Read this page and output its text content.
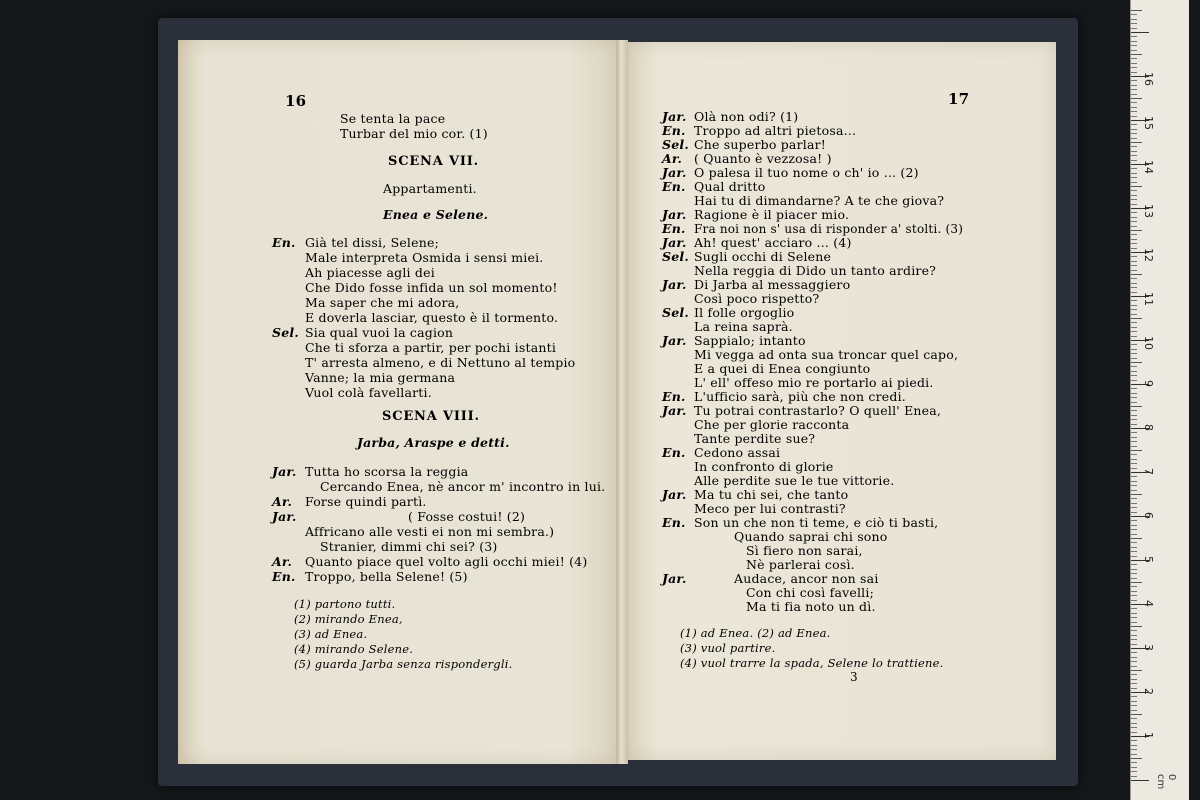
16
Se tenta la pace
Turbar del mio cor. (1)
SCENA VII.
Appartamenti.
Enea e Selene.
En. Già tel dissi, Selene;
Male interpreta Osmida i sensi miei.
Ah piacesse agli dei
Che Dido fosse infida un sol momento!
Ma saper che mi adora,
E doverla lasciar, questo è il tormento.
Sel. Sia qual vuoi la cagion
Che ti sforza a partir, per pochi istanti
T' arresta almeno, e di Nettuno al tempio
Vanne; la mia germana
Vuol colà favellarti.
SCENA VIII.
Jarba, Araspe e detti.
Jar. Tutta ho scorsa la reggia
Cercando Enea, nè ancor m' incontro in lui.
Ar. Forse quindi partì.
Jar.	( Fosse costui! (2)
Affricano alle vesti ei non mi sembra.)
Stranier, dimmi chi sei? (3)
Ar. Quanto piace quel volto agli occhi miei! (4)
En. Troppo, bella Selene! (5)
(1) partono tutti.
(2) mirando Enea,
(3) ad Enea.
(4) mirando Selene.
(5) guarda Jarba senza rispondergli.
17
Jar. Olà non odi? (1)
En. Troppo ad altri pietosa...
Sel. Che superbo parlar!
Ar. ( Quanto è vezzosa! )
Jar. O palesa il tuo nome o ch' io ... (2)
En. Qual dritto
Hai tu di dimandarne? A te che giova?
Jar. Ragione è il piacer mio.
En. Fra noi non s' usa di risponder a' stolti. (3)
Jar. Ah! quest' acciaro ... (4)
Sel. Sugli occhi di Selene
Nella reggia di Dido un tanto ardire?
Jar. Di Jarba al messaggiero
Così poco rispetto?
Sel. Il folle orgoglio
La reina saprà.
Jar. Sappialo; intanto
Mi vegga ad onta sua troncar quel capo,
E a quei di Enea congiunto
L' ell' offeso mio re portarlo ai piedi.
En. L'ufficio sarà, più che non credi.
Jar. Tu potrai contrastarlo? O quell' Enea,
Che per glorie racconta
Tante perdite sue?
En. Cedono assai
In confronto di glorie
Alle perdite sue le tue vittorie.
Jar. Ma tu chi sei, che tanto
Meco per lui contrasti?
En. Son un che non ti teme, e ciò ti basti,
Quando saprai chi sono
Sì fiero non sarai,
Nè parlerai così.
Jar.	Audace, ancor non sai
Con chi così favelli;
Ma ti fia noto un dì.
(1) ad Enea. (2) ad Enea.
(3) vuol partire.
(4) vuol trarre la spada, Selene lo trattiene.
3
1
2
3
4
5
6
7
8
9
10
11
12
13
14
15
16
0 cm
